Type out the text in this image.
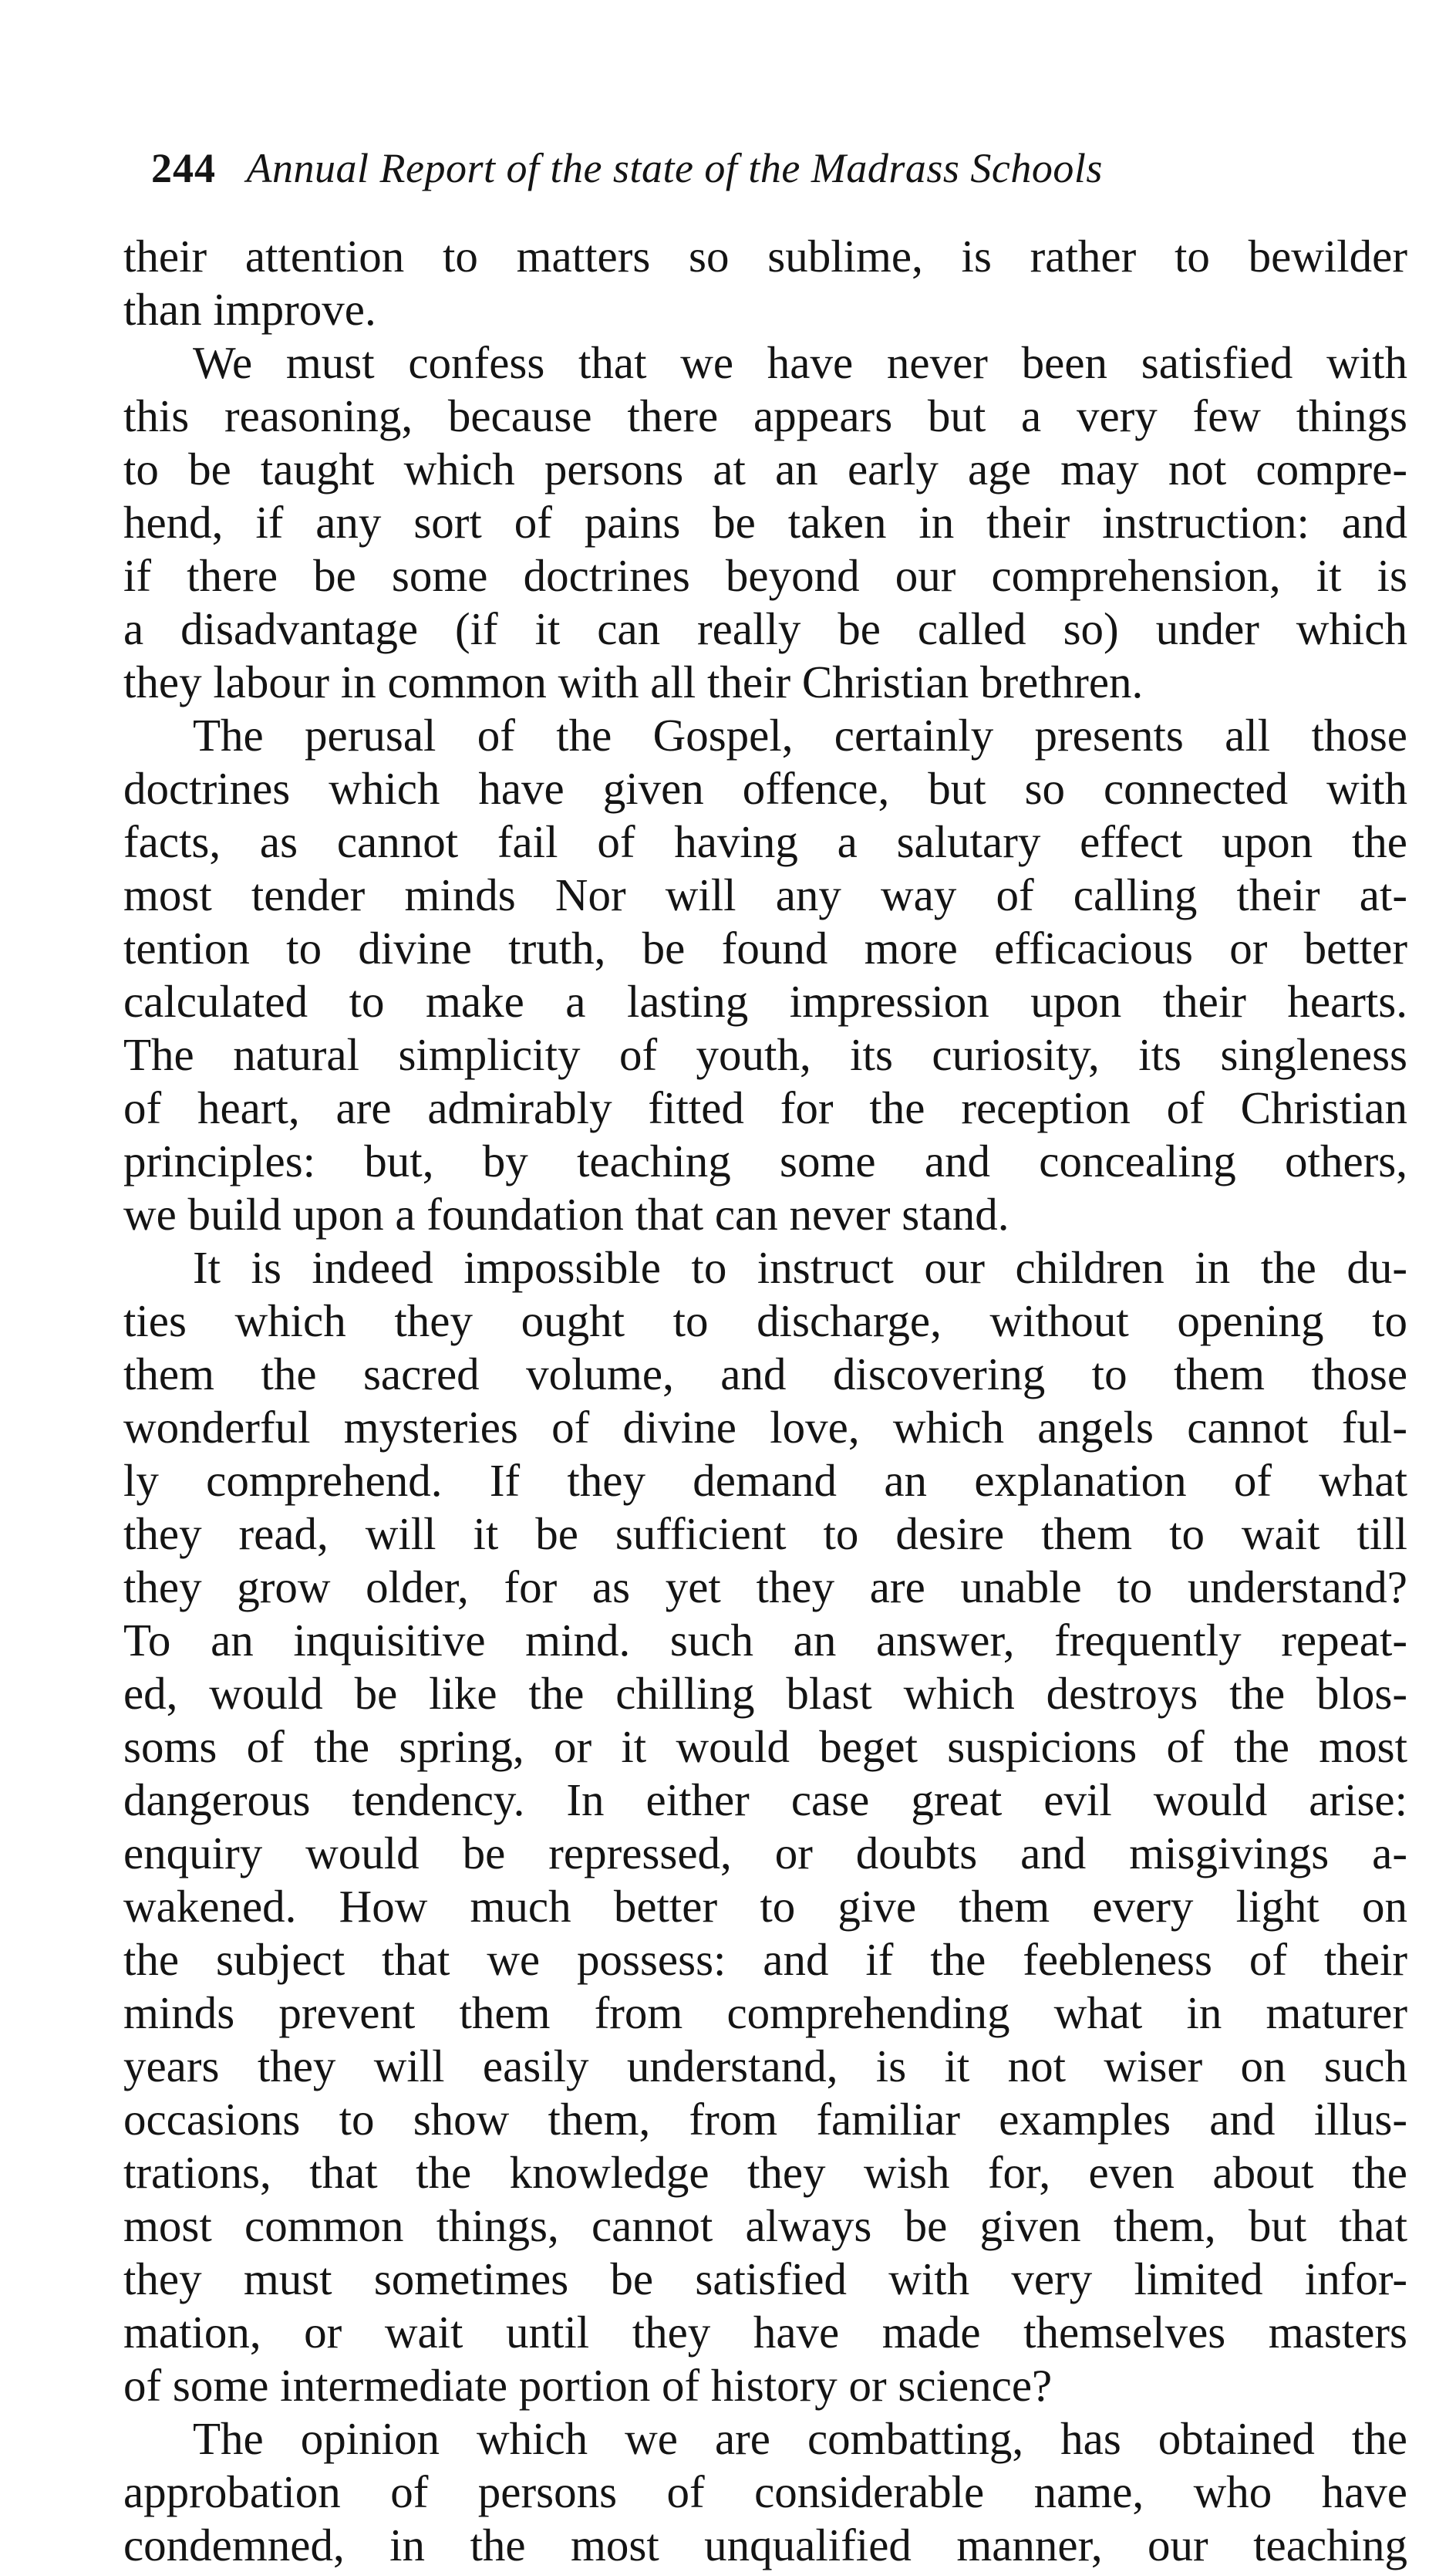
244 Annual Report of the state of the Madrass Schools
their attention to matters so sublime, is rather to bewilder
than improve.
We must confess that we have never been satisfied with
this reasoning, because there appears but a very few things
to be taught which persons at an early age may not compre-
hend, if any sort of pains be taken in their instruction: and
if there be some doctrines beyond our comprehension, it is
a disadvantage (if it can really be called so) under which
they labour in common with all their Christian brethren.
The perusal of the Gospel, certainly presents all those
doctrines which have given offence, but so connected with
facts, as cannot fail of having a salutary effect upon the
most tender minds Nor will any way of calling their at-
tention to divine truth, be found more efficacious or better
calculated to make a lasting impression upon their hearts.
The natural simplicity of youth, its curiosity, its singleness
of heart, are admirably fitted for the reception of Christian
principles: but, by teaching some and concealing others,
we build upon a foundation that can never stand.
It is indeed impossible to instruct our children in the du-
ties which they ought to discharge, without opening to
them the sacred volume, and discovering to them those
wonderful mysteries of divine love, which angels cannot ful-
ly comprehend. If they demand an explanation of what
they read, will it be sufficient to desire them to wait till
they grow older, for as yet they are unable to understand?
To an inquisitive mind. such an answer, frequently repeat-
ed, would be like the chilling blast which destroys the blos-
soms of the spring, or it would beget suspicions of the most
dangerous tendency. In either case great evil would arise:
enquiry would be repressed, or doubts and misgivings a-
wakened. How much better to give them every light on
the subject that we possess: and if the feebleness of their
minds prevent them from comprehending what in maturer
years they will easily understand, is it not wiser on such
occasions to show them, from familiar examples and illus-
trations, that the knowledge they wish for, even about the
most common things, cannot always be given them, but that
they must sometimes be satisfied with very limited infor-
mation, or wait until they have made themselves masters
of some intermediate portion of history or science?
The opinion which we are combatting, has obtained the
approbation of persons of considerable name, who have
condemned, in the most unqualified manner, our teaching
